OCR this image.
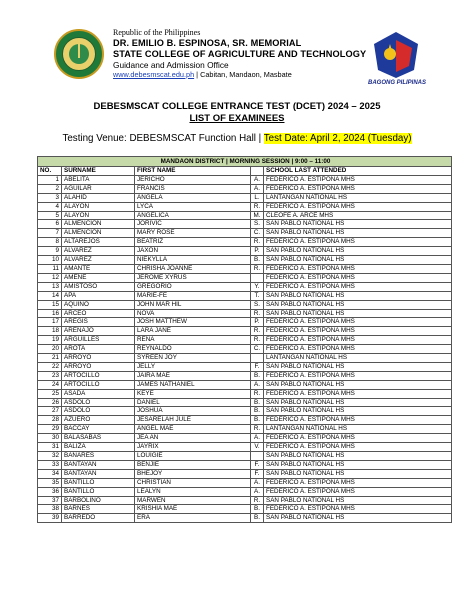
Republic of the Philippines
DR. EMILIO B. ESPINOSA, SR. MEMORIAL
STATE COLLEGE OF AGRICULTURE AND TECHNOLOGY
Guidance and Admission Office
www.debesmscat.edu.ph | Cabitan, Mandaon, Masbate
BAGONG PILIPINAS
DEBESMSCAT COLLEGE ENTRANCE TEST (DCET) 2024 – 2025
LIST OF EXAMINEES
Testing Venue: DEBESMSCAT Function Hall | Test Date: April 2, 2024 (Tuesday)
MANDAON DISTRICT | MORNING SESSION | 9:00 – 11:00				
NO.	SURNAME	FIRST NAME		SCHOOL LAST ATTENDED
1	ABELITA	JERICHO	A.	FEDERICO A. ESTIPONA MHS
2	AGUILAR	FRANCIS	A.	FEDERICO A. ESTIPONA MHS
3	ALAHID	ANGELA	L.	LANTANGAN NATIONAL HS
4	ALAYON	LYCA	R.	FEDERICO A. ESTIPONA MHS
5	ALAYON	ANGELICA	M.	CLEOFE A. ARCE MHS
6	ALMENCION	JORIVIC	S.	SAN PABLO NATIONAL HS
7	ALMENCION	MARY ROSE	C.	SAN PABLO NATIONAL HS
8	ALTAREJOS	BEATRIZ	R.	FEDERICO A. ESTIPONA MHS
9	ALVAREZ	JAXON	P.	SAN PABLO NATIONAL HS
10	ALVAREZ	NIEKYLLA	B.	SAN PABLO NATIONAL HS
11	AMANTE	CHRISHA JOANNE	R.	FEDERICO A. ESTIPONA MHS
12	AMENE	JEROME XYRUS		FEDERICO A. ESTIPONA MHS
13	AMISTOSO	GREGORIO	Y.	FEDERICO A. ESTIPONA MHS
14	APA	MARIE-FE	T.	SAN PABLO NATIONAL HS
15	AQUINO	JOHN MAR HIL	S.	SAN PABLO NATIONAL HS
16	ARCEO	NOVA	R.	SAN PABLO NATIONAL HS
17	AREGIS	JOSH MATTHEW	P.	FEDERICO A. ESTIPONA MHS
18	ARENAJO	LARA JANE	R.	FEDERICO A. ESTIPONA MHS
19	ARGUILLES	RENA	R.	FEDERICO A. ESTIPONA MHS
20	AROTA	REYNALDO	C.	FEDERICO A. ESTIPONA MHS
21	ARROYO	SYREEN JOY		LANTANGAN NATIONAL HS
22	ARROYO	JELLY	F.	SAN PABLO NATIONAL HS
23	ARTOCILLO	JAIRA MAE	B.	FEDERICO A. ESTIPONA MHS
24	ARTOCILLO	JAMES NATHANIEL	A.	SAN PABLO NATIONAL HS
25	ASADA	KEYE	R.	FEDERICO A. ESTIPONA MHS
26	ASDOLO	DANIEL	B.	SAN PABLO NATIONAL HS
27	ASDOLO	JOSHUA	B.	SAN PABLO NATIONAL HS
28	AZUERO	JESARELAH JULE	B.	FEDERICO A. ESTIPONA MHS
29	BACCAY	ANGEL MAE	R.	LANTANGAN NATIONAL HS
30	BALASABAS	JEA AN	A.	FEDERICO A. ESTIPONA MHS
31	BALIZA	JAYRIX	V.	FEDERICO A. ESTIPONA MHS
32	BAÑARES	LOUIGIE		SAN PABLO NATIONAL HS
33	BANTAYAN	BENJIE	F.	SAN PABLO NATIONAL HS
34	BANTAYAN	BHEJOY	F.	SAN PABLO NATIONAL HS
35	BANTILLO	CHRISTIAN	A.	FEDERICO A. ESTIPONA MHS
36	BANTILLO	LEALYN	A.	FEDERICO A. ESTIPONA MHS
37	BARBOLINO	MARWEN	R.	SAN PABLO NATIONAL HS
38	BARNES	KRISHIA MAE	B.	FEDERICO A. ESTIPONA MHS
39	BARREDO	ERA	B.	SAN PABLO NATIONAL HS
